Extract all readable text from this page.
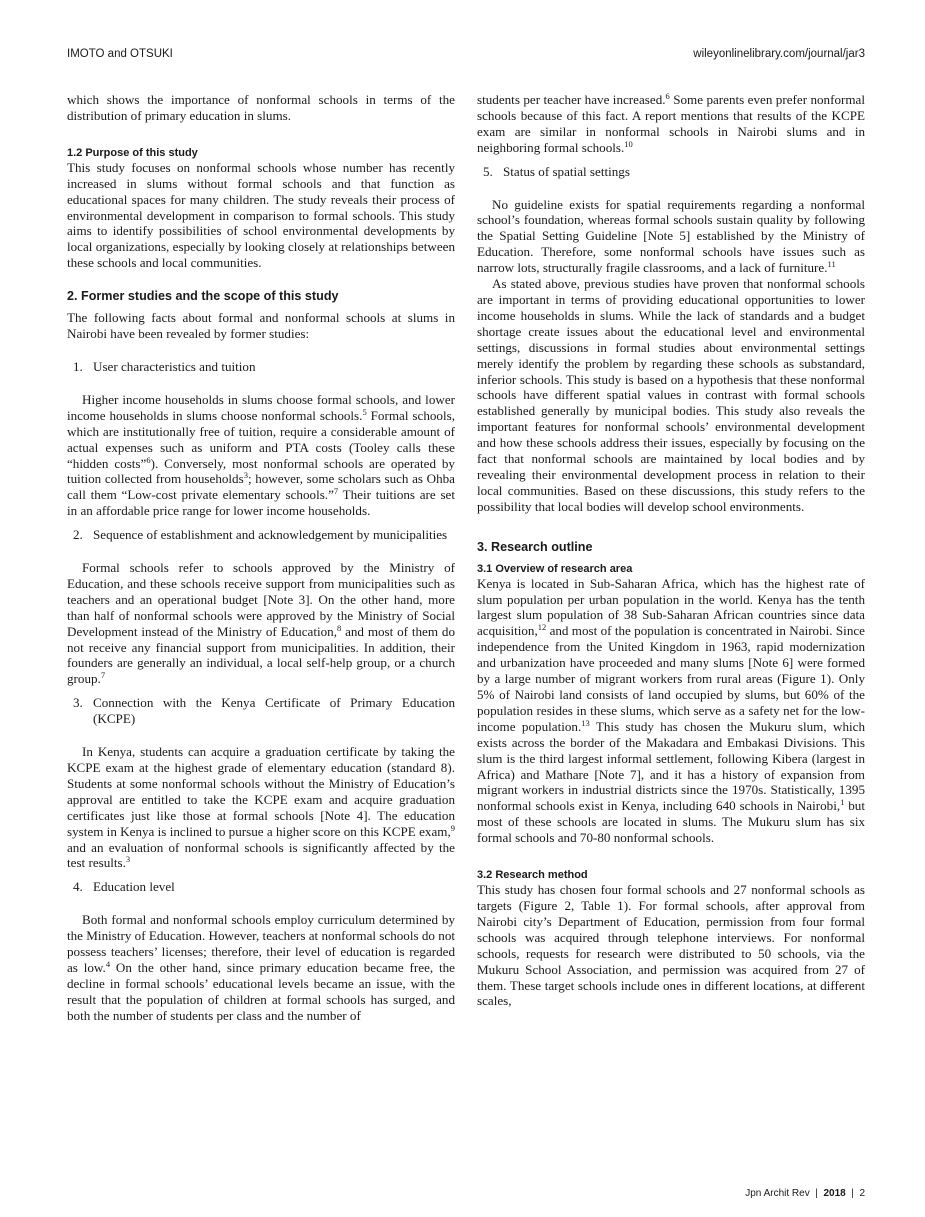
IMOTO and OTSUKI	wileyonlinelibrary.com/journal/jar3

which shows the importance of nonformal schools in terms of the distribution of primary education in slums.

1.2 Purpose of this study

This study focuses on nonformal schools whose number has recently increased in slums without formal schools and that function as educational spaces for many children. The study reveals their process of environmental development in comparison to formal schools. This study aims to identify possibilities of school environmental developments by local organizations, especially by looking closely at relationships between these schools and local communities.

2. Former studies and the scope of this study

The following facts about formal and nonformal schools at slums in Nairobi have been revealed by former studies:

1. User characteristics and tuition

Higher income households in slums choose formal schools, and lower income households in slums choose nonformal schools.$^5$ Formal schools, which are institutionally free of tuition, require a considerable amount of actual expenses such as uniform and PTA costs (Tooley calls these “hidden costs”$^6$). Conversely, most nonformal schools are operated by tuition collected from households$^3$; however, some scholars such as Ohba call them “Low-cost private elementary schools.”$^7$ Their tuitions are set in an affordable price range for lower income households.

2. Sequence of establishment and acknowledgement by municipalities

Formal schools refer to schools approved by the Ministry of Education, and these schools receive support from municipalities such as teachers and an operational budget [Note 3]. On the other hand, more than half of nonformal schools were approved by the Ministry of Social Development instead of the Ministry of Education,$^8$ and most of them do not receive any financial support from municipalities. In addition, their founders are generally an individual, a local self-help group, or a church group.$^7$

3. Connection with the Kenya Certificate of Primary Education (KCPE)

In Kenya, students can acquire a graduation certificate by taking the KCPE exam at the highest grade of elementary education (standard 8). Students at some nonformal schools without the Ministry of Education’s approval are entitled to take the KCPE exam and acquire graduation certificates just like those at formal schools [Note 4]. The education system in Kenya is inclined to pursue a higher score on this KCPE exam,$^9$ and an evaluation of nonformal schools is significantly affected by the test results.$^3$

4. Education level

Both formal and nonformal schools employ curriculum determined by the Ministry of Education. However, teachers at nonformal schools do not possess teachers’ licenses; therefore, their level of education is regarded as low.$^4$ On the other hand, since primary education became free, the decline in formal schools’ educational levels became an issue, with the result that the population of children at formal schools has surged, and both the number of students per class and the number of

students per teacher have increased.$^6$ Some parents even prefer nonformal schools because of this fact. A report mentions that results of the KCPE exam are similar in nonformal schools in Nairobi slums and in neighboring formal schools.$^{10}$

5. Status of spatial settings

No guideline exists for spatial requirements regarding a nonformal school’s foundation, whereas formal schools sustain quality by following the Spatial Setting Guideline [Note 5] established by the Ministry of Education. Therefore, some nonformal schools have issues such as narrow lots, structurally fragile classrooms, and a lack of furniture.$^{11}$

As stated above, previous studies have proven that nonformal schools are important in terms of providing educational opportunities to lower income households in slums. While the lack of standards and a budget shortage create issues about the educational level and environmental settings, discussions in formal studies about environmental settings merely identify the problem by regarding these schools as substandard, inferior schools. This study is based on a hypothesis that these nonformal schools have different spatial values in contrast with formal schools established generally by municipal bodies. This study also reveals the important features for nonformal schools’ environmental development and how these schools address their issues, especially by focusing on the fact that nonformal schools are maintained by local bodies and by revealing their environmental development process in relation to their local communities. Based on these discussions, this study refers to the possibility that local bodies will develop school environments.

3. Research outline
3.1 Overview of research area

Kenya is located in Sub-Saharan Africa, which has the highest rate of slum population per urban population in the world. Kenya has the tenth largest slum population of 38 Sub-Saharan African countries since data acquisition,$^{12}$ and most of the population is concentrated in Nairobi. Since independence from the United Kingdom in 1963, rapid modernization and urbanization have proceeded and many slums [Note 6] were formed by a large number of migrant workers from rural areas (Figure 1). Only 5% of Nairobi land consists of land occupied by slums, but 60% of the population resides in these slums, which serve as a safety net for the low-income population.$^{13}$ This study has chosen the Mukuru slum, which exists across the border of the Makadara and Embakasi Divisions. This slum is the third largest informal settlement, following Kibera (largest in Africa) and Mathare [Note 7], and it has a history of expansion from migrant workers in industrial districts since the 1970s. Statistically, 1395 nonformal schools exist in Kenya, including 640 schools in Nairobi,$^1$ but most of these schools are located in slums. The Mukuru slum has six formal schools and 70-80 nonformal schools.

3.2 Research method

This study has chosen four formal schools and 27 nonformal schools as targets (Figure 2, Table 1). For formal schools, after approval from Nairobi city’s Department of Education, permission from four formal schools was acquired through telephone interviews. For nonformal schools, requests for research were distributed to 50 schools, via the Mukuru School Association, and permission was acquired from 27 of them. These target schools include ones in different locations, at different scales,

Jpn Archit Rev | 2018 | 2
